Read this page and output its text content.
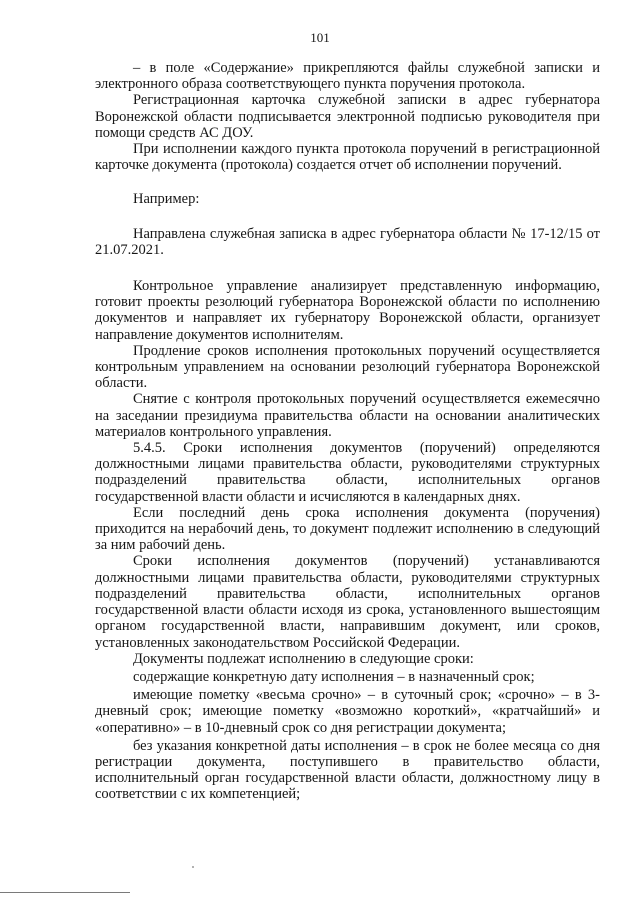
101

– в поле «Содержание» прикрепляются файлы служебной записки и электронного образа соответствующего пункта поручения протокола.

Регистрационная карточка служебной записки в адрес губернатора Воронежской области подписывается электронной подписью руководителя при помощи средств АС ДОУ.

При исполнении каждого пункта протокола поручений в регистрационной карточке документа (протокола) создается отчет об исполнении поручений.

Например:

Направлена служебная записка в адрес губернатора области № 17-12/15 от 21.07.2021.

Контрольное управление анализирует представленную информацию, готовит проекты резолюций губернатора Воронежской области по исполнению документов и направляет их губернатору Воронежской области, организует направление документов исполнителям.

Продление сроков исполнения протокольных поручений осуществляется контрольным управлением на основании резолюций губернатора Воронежской области.

Снятие с контроля протокольных поручений осуществляется ежемесячно на заседании президиума правительства области на основании аналитических материалов контрольного управления.

5.4.5. Сроки исполнения документов (поручений) определяются должностными лицами правительства области, руководителями структурных подразделений правительства области, исполнительных органов государственной власти области и исчисляются в календарных днях.

Если последний день срока исполнения документа (поручения) приходится на нерабочий день, то документ подлежит исполнению в следующий за ним рабочий день.

Сроки исполнения документов (поручений) устанавливаются должностными лицами правительства области, руководителями структурных подразделений правительства области, исполнительных органов государственной власти области исходя из срока, установленного вышестоящим органом государственной власти, направившим документ, или сроков, установленных законодательством Российской Федерации.

Документы подлежат исполнению в следующие сроки:

содержащие конкретную дату исполнения – в назначенный срок;

имеющие пометку «весьма срочно» – в суточный срок; «срочно» – в 3-дневный срок; имеющие пометку «возможно короткий», «кратчайший» и «оперативно» – в 10-дневный срок со дня регистрации документа;

без указания конкретной даты исполнения – в срок не более месяца со дня регистрации документа, поступившего в правительство области, исполнительный орган государственной власти области, должностному лицу в соответствии с их компетенцией;
